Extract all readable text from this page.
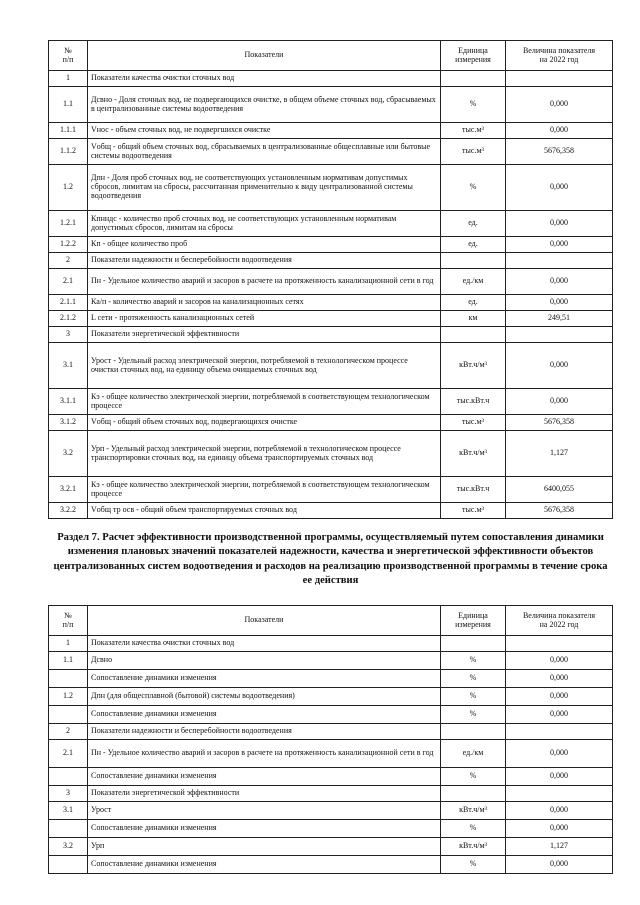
№
п/п	Показатели	Единица
измерения	Величина показателя
на 2022 год
1	Показатели качества очистки сточных вод		
1.1	Дсвно - Доля сточных вод, не подвергающихся очистке, в общем объеме сточных вод, сбрасываемых в централизованные системы водоотведения	%	0,000
1.1.1	Vнос - объем сточных вод, не подвергшихся очистке	тыс.м³	0,000
1.1.2	Vобщ - общий объем сточных вод, сбрасываемых в централизованные общесплавные или бытовые системы водоотведения	тыс.м³	5676,358
1.2	Дпн - Доля проб сточных вод, не соответствующих установленным нормативам допустимых сбросов, лимитам на сбросы, рассчитанная применительно к виду централизованной системы водоотведения	%	0,000
1.2.1	Кпнндс - количество проб сточных вод, не соответствующих установленным нормативам допустимых сбросов, лимитам на сбросы	ед.	0,000
1.2.2	Кп - общее количество проб	ед.	0,000
2	Показатели надежности и бесперебойности водоотведения		
2.1	Пн - Удельное количество аварий и засоров в расчете на протяженность канализационной сети в год	ед./км	0,000
2.1.1	Ка/п - количество аварий и засоров на канализационных сетях	ед.	0,000
2.1.2	L сети - протяженность канализационных сетей	км	249,51
3	Показатели энергетической эффективности		
3.1	Урост - Удельный расход электрической энергии, потребляемой в технологическом процессе очистки сточных вод, на единицу объема очищаемых сточных вод	кВт.ч/м³	0,000
3.1.1	Кэ - общее количество электрической энергии, потребляемой в соответствующем технологическом процессе	тыс.кВт.ч	0,000
3.1.2	Vобщ - общий объем сточных вод, подвергающихся очистке	тыс.м³	5676,358
3.2	Урп - Удельный расход электрической энергии, потребляемой в технологическом процессе транспортировки сточных вод, на единицу объема транспортируемых сточных вод	кВт.ч/м³	1,127
3.2.1	Кэ - общее количество электрической энергии, потребляемой в соответствующем технологическом процессе	тыс.кВт.ч	6400,055
3.2.2	Vобщ тр осв - общий объем транспортируемых сточных вод	тыс.м³	5676,358

Раздел 7. Расчет эффективности производственной программы, осуществляемый путем сопоставления динамики изменения плановых значений показателей надежности, качества и энергетической эффективности объектов централизованных систем водоотведения и расходов на реализацию производственной программы в течение срока ее действия

№
п/п	Показатели	Единица
измерения	Величина показателя
на 2022 год
1	Показатели качества очистки сточных вод		
1.1	Дсвно	%	0,000
	Сопоставление динамики изменения	%	0,000
1.2	Дпн (для общесплавной (бытовой) системы водоотведения)	%	0,000
	Сопоставление динамики изменения	%	0,000
2	Показатели надежности и бесперебойности водоотведения		
2.1	Пн - Удельное количество аварий и засоров в расчете на протяженность канализационной сети в год	ед./км	0,000
	Сопоставление динамики изменения	%	0,000
3	Показатели энергетической эффективности		
3.1	Урост	кВт.ч/м³	0,000
	Сопоставление динамики изменения	%	0,000
3.2	Урп	кВт.ч/м³	1,127
	Сопоставление динамики изменения	%	0,000
